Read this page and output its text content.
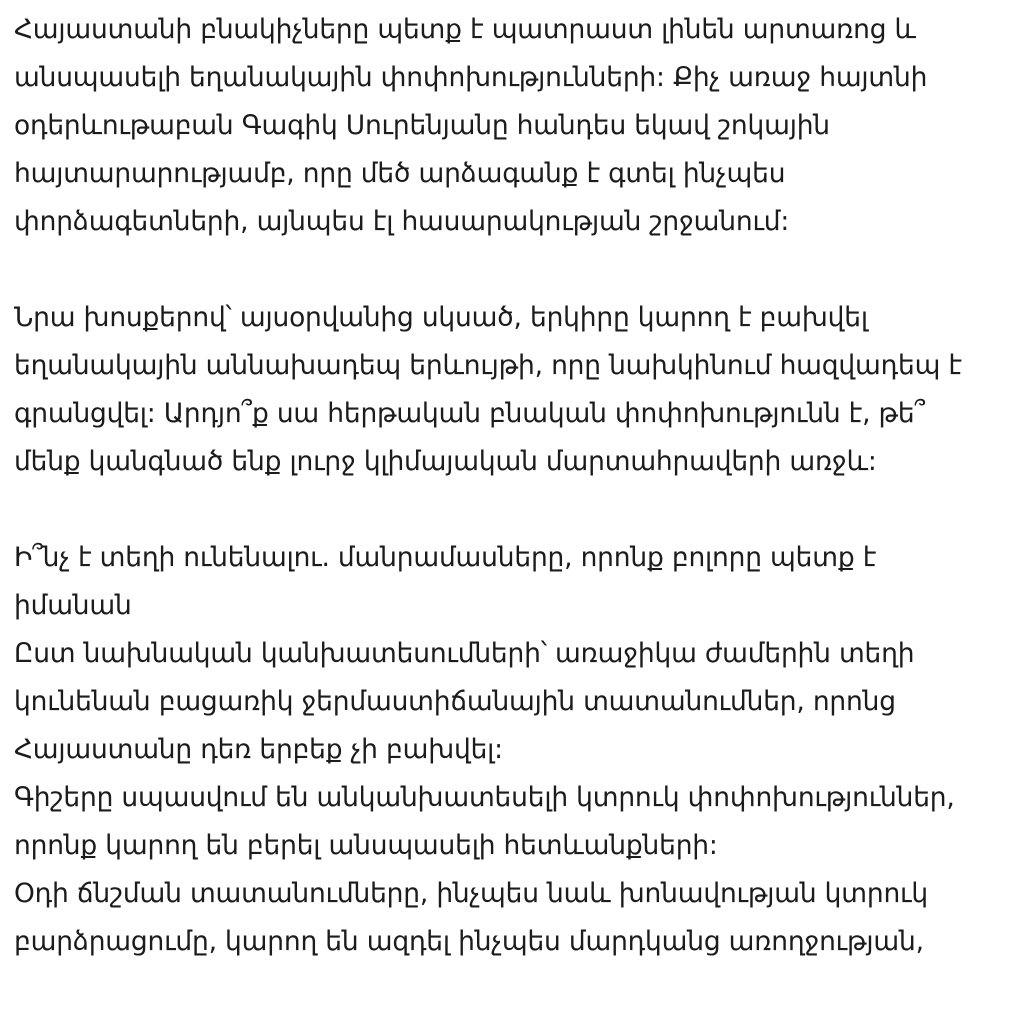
Հայաստանի բնակիչները պետք է պատրաստ լինեն արտառոց և
անսպասելի եղանակային փոփոխությունների: Քիչ առաջ հայտնի
օդերևութաբան Գագիկ Սուրենյանը հանդես եկավ շոկային
հայտարարությամբ, որը մեծ արձագանք է գտել ինչպես
փորձագետների, այնպես էլ հասարակության շրջանում:
Նրա խոսքերով՝ այսօրվանից սկսած, երկիրը կարող է բախվել
եղանակային աննախադեպ երևույթի, որը նախկինում հազվադեպ է
գրանցվել: Արդյո՞ք սա հերթական բնական փոփոխությունն է, թե՞
մենք կանգնած ենք լուրջ կլիմայական մարտահրավերի առջև:
Ի՞նչ է տեղի ունենալու. մանրամասները, որոնք բոլորը պետք է
իմանան
Ըստ նախնական կանխատեսումների՝ առաջիկա ժամերին տեղի
կունենան բացառիկ ջերմաստիճանային տատանումներ, որոնց
Հայաստանը դեռ երբեք չի բախվել:
Գիշերը սպասվում են անկանխատեսելի կտրուկ փոփոխություններ,
որոնք կարող են բերել անսպասելի հետևանքների:
Օդի ճնշման տատանումները, ինչպես նաև խոնավության կտրուկ
բարձրացումը, կարող են ազդել ինչպես մարդկանց առողջության,
